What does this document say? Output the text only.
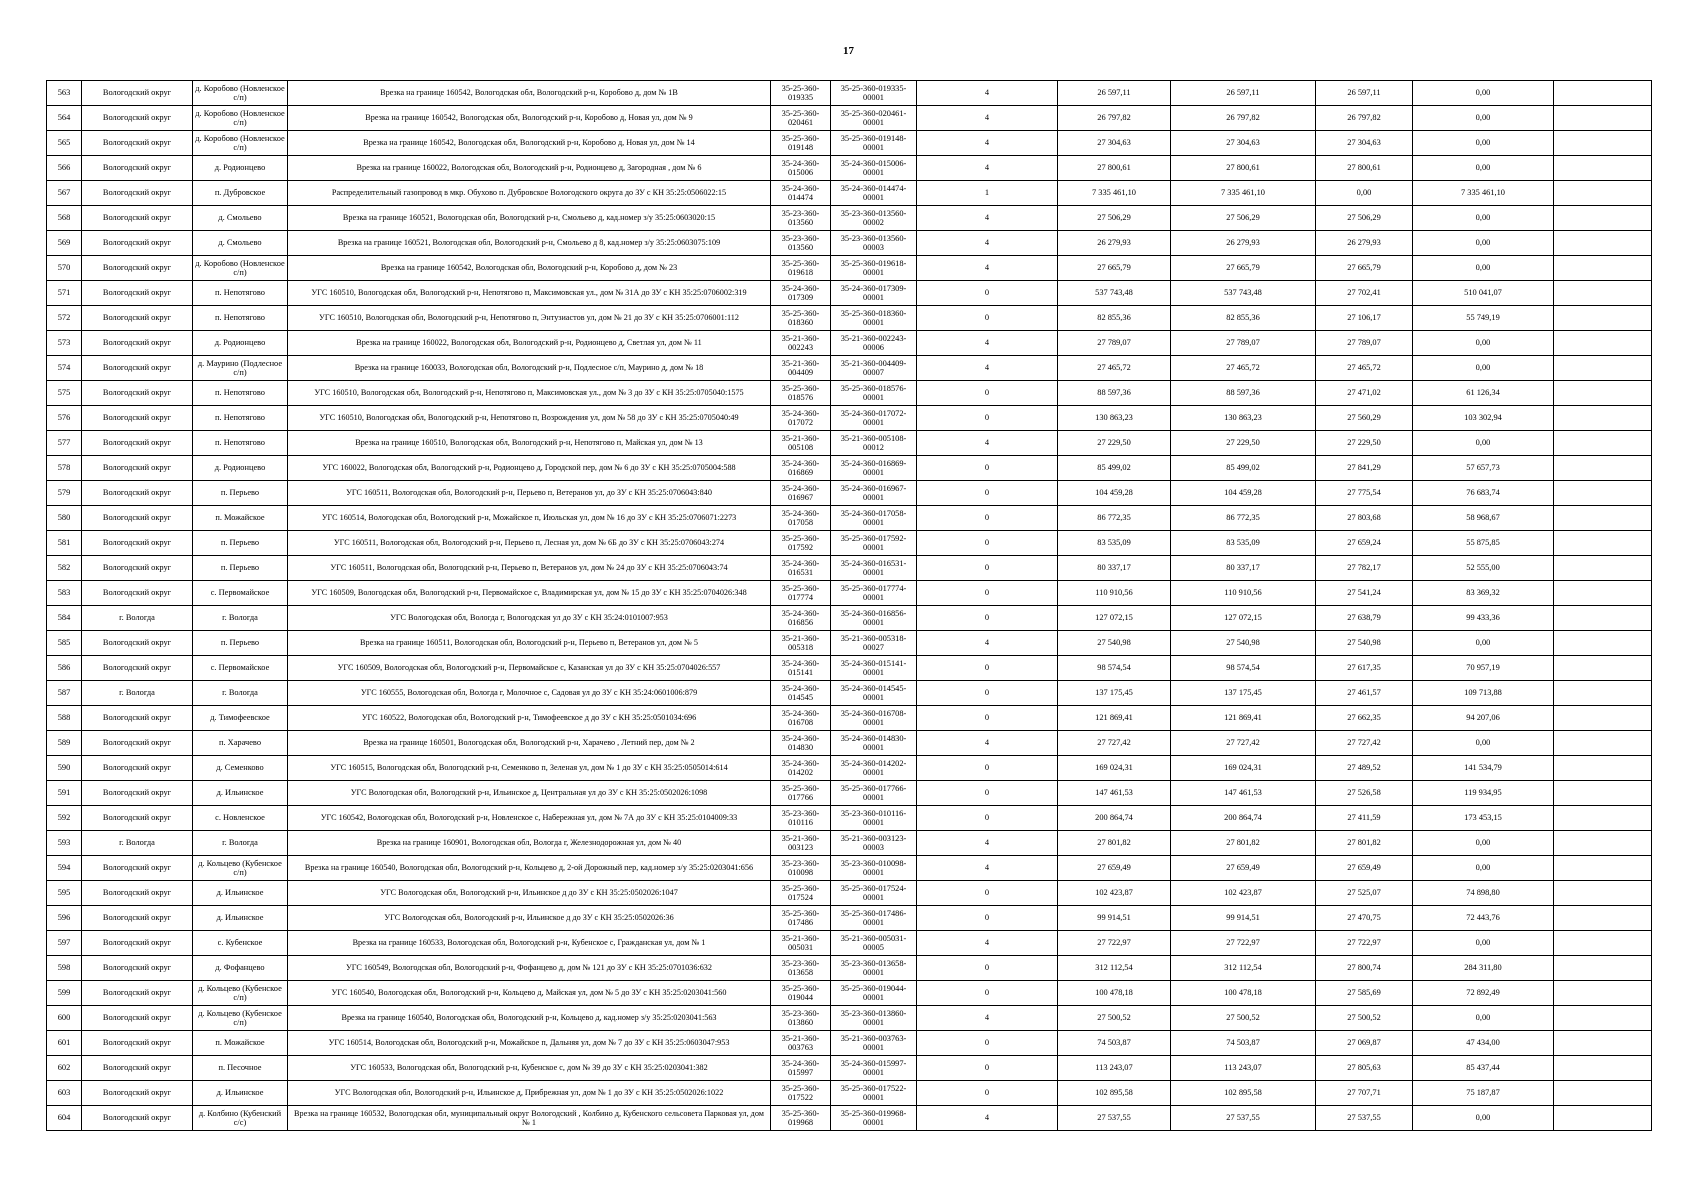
17
563	Вологодский округ	д. Коробово (Новленское с/п)	Врезка на границе 160542, Вологодская обл, Вологодский р-н, Коробово д, дом № 1В	35-25-360-019335	35-25-360-019335-00001	4	26 597,11	26 597,11	26 597,11	0,00	
564	Вологодский округ	д. Коробово (Новленское с/п)	Врезка на границе 160542, Вологодская обл, Вологодский р-н, Коробово д, Новая ул, дом № 9	35-25-360-020461	35-25-360-020461-00001	4	26 797,82	26 797,82	26 797,82	0,00	
565	Вологодский округ	д. Коробово (Новленское с/п)	Врезка на границе 160542, Вологодская обл, Вологодский р-н, Коробово д, Новая ул, дом № 14	35-25-360-019148	35-25-360-019148-00001	4	27 304,63	27 304,63	27 304,63	0,00	
566	Вологодский округ	д. Родионцево	Врезка на границе 160022, Вологодская обл, Вологодский р-н, Родионцево д, Загородная , дом № 6	35-24-360-015006	35-24-360-015006-00001	4	27 800,61	27 800,61	27 800,61	0,00	
567	Вологодский округ	п. Дубровское	Распределительный газопровод в мкр. Обухово п. Дубровское Вологодского округа до ЗУ с КН 35:25:0506022:15	35-24-360-014474	35-24-360-014474-00001	1	7 335 461,10	7 335 461,10	0,00	7 335 461,10	
568	Вологодский округ	д. Смольево	Врезка на границе 160521, Вологодская обл, Вологодский р-н, Смольево д, кад.номер з/у 35:25:0603020:15	35-23-360-013560	35-23-360-013560-00002	4	27 506,29	27 506,29	27 506,29	0,00	
569	Вологодский округ	д. Смольево	Врезка на границе 160521, Вологодская обл, Вологодский р-н, Смольево д 8, кад.номер з/у 35:25:0603075:109	35-23-360-013560	35-23-360-013560-00003	4	26 279,93	26 279,93	26 279,93	0,00	
570	Вологодский округ	д. Коробово (Новленское с/п)	Врезка на границе 160542, Вологодская обл, Вологодский р-н, Коробово д, дом № 23	35-25-360-019618	35-25-360-019618-00001	4	27 665,79	27 665,79	27 665,79	0,00	
571	Вологодский округ	п. Непотягово	УГС 160510, Вологодская обл, Вологодский р-н, Непотягово п, Максимовская ул., дом № 31А до ЗУ с КН 35:25:0706002:319	35-24-360-017309	35-24-360-017309-00001	0	537 743,48	537 743,48	27 702,41	510 041,07	
572	Вологодский округ	п. Непотягово	УГС 160510, Вологодская обл, Вологодский р-н, Непотягово п, Энтузиастов ул, дом № 21 до ЗУ с КН 35:25:0706001:112	35-25-360-018360	35-25-360-018360-00001	0	82 855,36	82 855,36	27 106,17	55 749,19	
573	Вологодский округ	д. Родионцево	Врезка на границе 160022, Вологодская обл, Вологодский р-н, Родионцево д, Светлая ул, дом № 11	35-21-360-002243	35-21-360-002243-00006	4	27 789,07	27 789,07	27 789,07	0,00	
574	Вологодский округ	д. Маурино (Подлесное с/п)	Врезка на границе 160033, Вологодская обл, Вологодский р-н, Подлесное с/п, Маурино д, дом № 18	35-21-360-004409	35-21-360-004409-00007	4	27 465,72	27 465,72	27 465,72	0,00	
575	Вологодский округ	п. Непотягово	УГС 160510, Вологодская обл, Вологодский р-н, Непотягово п, Максимовская ул., дом № 3 до ЗУ с КН 35:25:0705040:1575	35-25-360-018576	35-25-360-018576-00001	0	88 597,36	88 597,36	27 471,02	61 126,34	
576	Вологодский округ	п. Непотягово	УГС 160510, Вологодская обл, Вологодский р-н, Непотягово п, Возрождения ул, дом № 58 до ЗУ с КН 35:25:0705040:49	35-24-360-017072	35-24-360-017072-00001	0	130 863,23	130 863,23	27 560,29	103 302,94	
577	Вологодский округ	п. Непотягово	Врезка на границе 160510, Вологодская обл, Вологодский р-н, Непотягово п, Майская ул, дом № 13	35-21-360-005108	35-21-360-005108-00012	4	27 229,50	27 229,50	27 229,50	0,00	
578	Вологодский округ	д. Родионцево	УГС 160022, Вологодская обл, Вологодский р-н, Родионцево д, Городской пер, дом № 6 до ЗУ с КН 35:25:0705004:588	35-24-360-016869	35-24-360-016869-00001	0	85 499,02	85 499,02	27 841,29	57 657,73	
579	Вологодский округ	п. Перьево	УГС 160511, Вологодская обл, Вологодский р-н, Перьево п, Ветеранов ул, до ЗУ с КН 35:25:0706043:840	35-24-360-016967	35-24-360-016967-00001	0	104 459,28	104 459,28	27 775,54	76 683,74	
580	Вологодский округ	п. Можайское	УГС 160514, Вологодская обл, Вологодский р-н, Можайское п, Июльская ул, дом № 16 до ЗУ с КН 35:25:0706071:2273	35-24-360-017058	35-24-360-017058-00001	0	86 772,35	86 772,35	27 803,68	58 968,67	
581	Вологодский округ	п. Перьево	УГС 160511, Вологодская обл, Вологодский р-н, Перьево п, Лесная ул, дом № 6Б до ЗУ с КН 35:25:0706043:274	35-25-360-017592	35-25-360-017592-00001	0	83 535,09	83 535,09	27 659,24	55 875,85	
582	Вологодский округ	п. Перьево	УГС 160511, Вологодская обл, Вологодский р-н, Перьево п, Ветеранов ул, дом № 24 до ЗУ с КН 35:25:0706043:74	35-24-360-016531	35-24-360-016531-00001	0	80 337,17	80 337,17	27 782,17	52 555,00	
583	Вологодский округ	с. Первомайское	УГС 160509, Вологодская обл, Вологодский р-н, Первомайское с, Владимирская ул, дом № 15 до ЗУ с КН 35:25:0704026:348	35-25-360-017774	35-25-360-017774-00001	0	110 910,56	110 910,56	27 541,24	83 369,32	
584	г. Вологда	г. Вологда	УГС Вологодская обл, Вологда г, Вологодская ул до ЗУ с КН 35:24:0101007:953	35-24-360-016856	35-24-360-016856-00001	0	127 072,15	127 072,15	27 638,79	99 433,36	
585	Вологодский округ	п. Перьево	Врезка на границе 160511, Вологодская обл, Вологодский р-н, Перьево п, Ветеранов ул, дом № 5	35-21-360-005318	35-21-360-005318-00027	4	27 540,98	27 540,98	27 540,98	0,00	
586	Вологодский округ	с. Первомайское	УГС 160509, Вологодская обл, Вологодский р-н, Первомайское с, Казанская ул до ЗУ с КН 35:25:0704026:557	35-24-360-015141	35-24-360-015141-00001	0	98 574,54	98 574,54	27 617,35	70 957,19	
587	г. Вологда	г. Вологда	УГС 160555, Вологодская обл, Вологда г, Молочное с, Садовая ул до ЗУ с КН 35:24:0601006:879	35-24-360-014545	35-24-360-014545-00001	0	137 175,45	137 175,45	27 461,57	109 713,88	
588	Вологодский округ	д. Тимофеевское	УГС 160522, Вологодская обл, Вологодский р-н, Тимофеевское д до ЗУ с КН 35:25:0501034:696	35-24-360-016708	35-24-360-016708-00001	0	121 869,41	121 869,41	27 662,35	94 207,06	
589	Вологодский округ	п. Харачево	Врезка на границе 160501, Вологодская обл, Вологодский р-н, Харачево , Летний пер, дом № 2	35-24-360-014830	35-24-360-014830-00001	4	27 727,42	27 727,42	27 727,42	0,00	
590	Вологодский округ	д. Семенково	УГС 160515, Вологодская обл, Вологодский р-н, Семенково п, Зеленая ул, дом № 1 до ЗУ с КН 35:25:0505014:614	35-24-360-014202	35-24-360-014202-00001	0	169 024,31	169 024,31	27 489,52	141 534,79	
591	Вологодский округ	д. Ильинское	УГС Вологодская обл, Вологодский р-н, Ильинское д, Центральная ул до ЗУ с КН 35:25:0502026:1098	35-25-360-017766	35-25-360-017766-00001	0	147 461,53	147 461,53	27 526,58	119 934,95	
592	Вологодский округ	с. Новленское	УГС 160542, Вологодская обл, Вологодский р-н, Новленское с, Набережная ул, дом № 7А до ЗУ с КН 35:25:0104009:33	35-23-360-010116	35-23-360-010116-00001	0	200 864,74	200 864,74	27 411,59	173 453,15	
593	г. Вологда	г. Вологда	Врезка на границе 160901, Вологодская обл, Вологда г, Железнодорожная ул, дом № 40	35-21-360-003123	35-21-360-003123-00003	4	27 801,82	27 801,82	27 801,82	0,00	
594	Вологодский округ	д. Кольцево (Кубенское с/п)	Врезка на границе 160540, Вологодская обл, Вологодский р-н, Кольцево д, 2-ой Дорожный пер, кад.номер з/у 35:25:0203041:656	35-23-360-010098	35-23-360-010098-00001	4	27 659,49	27 659,49	27 659,49	0,00	
595	Вологодский округ	д. Ильинское	УГС Вологодская обл, Вологодский р-н, Ильинское д до ЗУ с КН 35:25:0502026:1047	35-25-360-017524	35-25-360-017524-00001	0	102 423,87	102 423,87	27 525,07	74 898,80	
596	Вологодский округ	д. Ильинское	УГС Вологодская обл, Вологодский р-н, Ильинское д до ЗУ с КН 35:25:0502026:36	35-25-360-017486	35-25-360-017486-00001	0	99 914,51	99 914,51	27 470,75	72 443,76	
597	Вологодский округ	с. Кубенское	Врезка на границе 160533, Вологодская обл, Вологодский р-н, Кубенское с, Гражданская ул, дом № 1	35-21-360-005031	35-21-360-005031-00005	4	27 722,97	27 722,97	27 722,97	0,00	
598	Вологодский округ	д. Фофанцево	УГС 160549, Вологодская обл, Вологодский р-н, Фофанцево д, дом № 121 до ЗУ с КН 35:25:0701036:632	35-23-360-013658	35-23-360-013658-00001	0	312 112,54	312 112,54	27 800,74	284 311,80	
599	Вологодский округ	д. Кольцево (Кубенское с/п)	УГС 160540, Вологодская обл, Вологодский р-н, Кольцево д, Майская ул, дом № 5 до ЗУ с КН 35:25:0203041:560	35-25-360-019044	35-25-360-019044-00001	0	100 478,18	100 478,18	27 585,69	72 892,49	
600	Вологодский округ	д. Кольцево (Кубенское с/п)	Врезка на границе 160540, Вологодская обл, Вологодский р-н, Кольцево д, кад.номер з/у 35:25:0203041:563	35-23-360-013860	35-23-360-013860-00001	4	27 500,52	27 500,52	27 500,52	0,00	
601	Вологодский округ	п. Можайское	УГС 160514, Вологодская обл, Вологодский р-н, Можайское п, Дальняя ул, дом № 7 до ЗУ с КН 35:25:0603047:953	35-21-360-003763	35-21-360-003763-00001	0	74 503,87	74 503,87	27 069,87	47 434,00	
602	Вологодский округ	п. Песочное	УГС 160533, Вологодская обл, Вологодский р-н, Кубенское с, дом № 39 до ЗУ с КН 35:25:0203041:382	35-24-360-015997	35-24-360-015997-00001	0	113 243,07	113 243,07	27 805,63	85 437,44	
603	Вологодский округ	д. Ильинское	УГС Вологодская обл, Вологодский р-н, Ильинское д, Прибрежная ул, дом № 1 до ЗУ с КН 35:25:0502026:1022	35-25-360-017522	35-25-360-017522-00001	0	102 895,58	102 895,58	27 707,71	75 187,87	
604	Вологодский округ	д. Колбино (Кубенский с/с)	Врезка на границе 160532, Вологодская обл, муниципальный округ Вологодский , Колбино д, Кубенского сельсовета Парковая ул, дом № 1	35-25-360-019968	35-25-360-019968-00001	4	27 537,55	27 537,55	27 537,55	0,00	
